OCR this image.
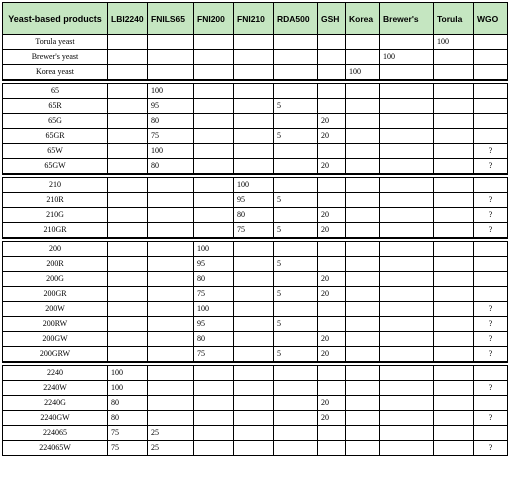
Yeast-based products	LBI2240	FNILS65	FNI200	FNI210	RDA500	GSH	Korea	Brewer's	Torula	WGO
Torula yeast									100	
Brewer's yeast								100		
Korea yeast							100			

65		100								
65R		95			5					
65G		80				20				
65GR		75			5	20				
65W		100								?
65GW		80				20				?

210				100						
210R				95	5					?
210G				80		20				?
210GR				75	5	20				?

200			100							
200R			95		5					
200G			80			20				
200GR			75		5	20				
200W			100							?
200RW			95		5					?
200GW			80			20				?
200GRW			75		5	20				?

2240	100									
2240W	100									?
2240G	80					20				
2240GW	80					20				?
224065	75	25								
224065W	75	25								?
